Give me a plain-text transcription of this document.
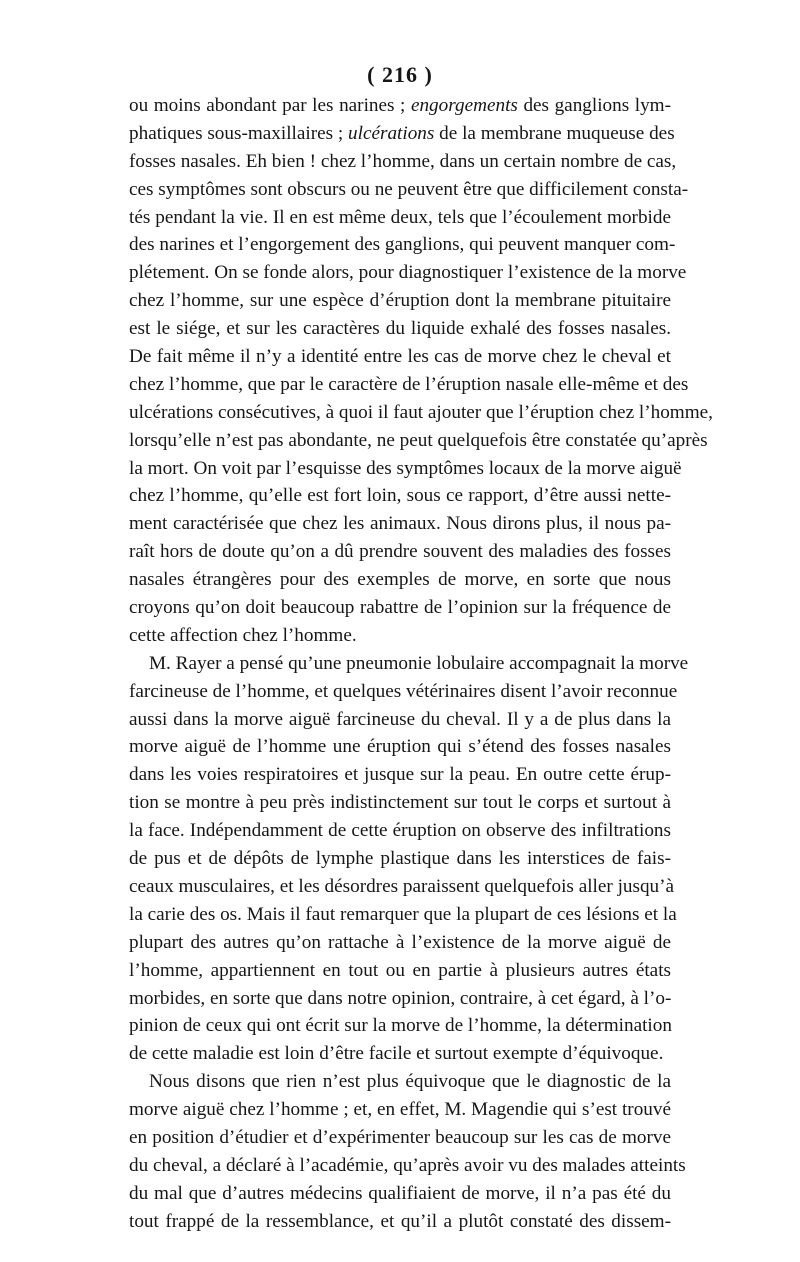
( 216 )
ou moins abondant par les narines ; engorgements des ganglions lym-
phatiques sous-maxillaires ; ulcérations de la membrane muqueuse des
fosses nasales. Eh bien ! chez l’homme, dans un certain nombre de cas,
ces symptômes sont obscurs ou ne peuvent être que difficilement consta-
tés pendant la vie. Il en est même deux, tels que l’écoulement morbide
des narines et l’engorgement des ganglions, qui peuvent manquer com-
plétement. On se fonde alors, pour diagnostiquer l’existence de la morve
chez l’homme, sur une espèce d’éruption dont la membrane pituitaire
est le siége, et sur les caractères du liquide exhalé des fosses nasales.
De fait même il n’y a identité entre les cas de morve chez le cheval et
chez l’homme, que par le caractère de l’éruption nasale elle-même et des
ulcérations consécutives, à quoi il faut ajouter que l’éruption chez l’homme,
lorsqu’elle n’est pas abondante, ne peut quelquefois être constatée qu’après
la mort. On voit par l’esquisse des symptômes locaux de la morve aiguë
chez l’homme, qu’elle est fort loin, sous ce rapport, d’être aussi nette-
ment caractérisée que chez les animaux. Nous dirons plus, il nous pa-
raît hors de doute qu’on a dû prendre souvent des maladies des fosses
nasales étrangères pour des exemples de morve, en sorte que nous
croyons qu’on doit beaucoup rabattre de l’opinion sur la fréquence de
cette affection chez l’homme.
M. Rayer a pensé qu’une pneumonie lobulaire accompagnait la morve
farcineuse de l’homme, et quelques vétérinaires disent l’avoir reconnue
aussi dans la morve aiguë farcineuse du cheval. Il y a de plus dans la
morve aiguë de l’homme une éruption qui s’étend des fosses nasales
dans les voies respiratoires et jusque sur la peau. En outre cette érup-
tion se montre à peu près indistinctement sur tout le corps et surtout à
la face. Indépendamment de cette éruption on observe des infiltrations
de pus et de dépôts de lymphe plastique dans les interstices de fais-
ceaux musculaires, et les désordres paraissent quelquefois aller jusqu’à
la carie des os. Mais il faut remarquer que la plupart de ces lésions et la
plupart des autres qu’on rattache à l’existence de la morve aiguë de
l’homme, appartiennent en tout ou en partie à plusieurs autres états
morbides, en sorte que dans notre opinion, contraire, à cet égard, à l’o-
pinion de ceux qui ont écrit sur la morve de l’homme, la détermination
de cette maladie est loin d’être facile et surtout exempte d’équivoque.
Nous disons que rien n’est plus équivoque que le diagnostic de la
morve aiguë chez l’homme ; et, en effet, M. Magendie qui s’est trouvé
en position d’étudier et d’expérimenter beaucoup sur les cas de morve
du cheval, a déclaré à l’académie, qu’après avoir vu des malades atteints
du mal que d’autres médecins qualifiaient de morve, il n’a pas été du
tout frappé de la ressemblance, et qu’il a plutôt constaté des dissem-
